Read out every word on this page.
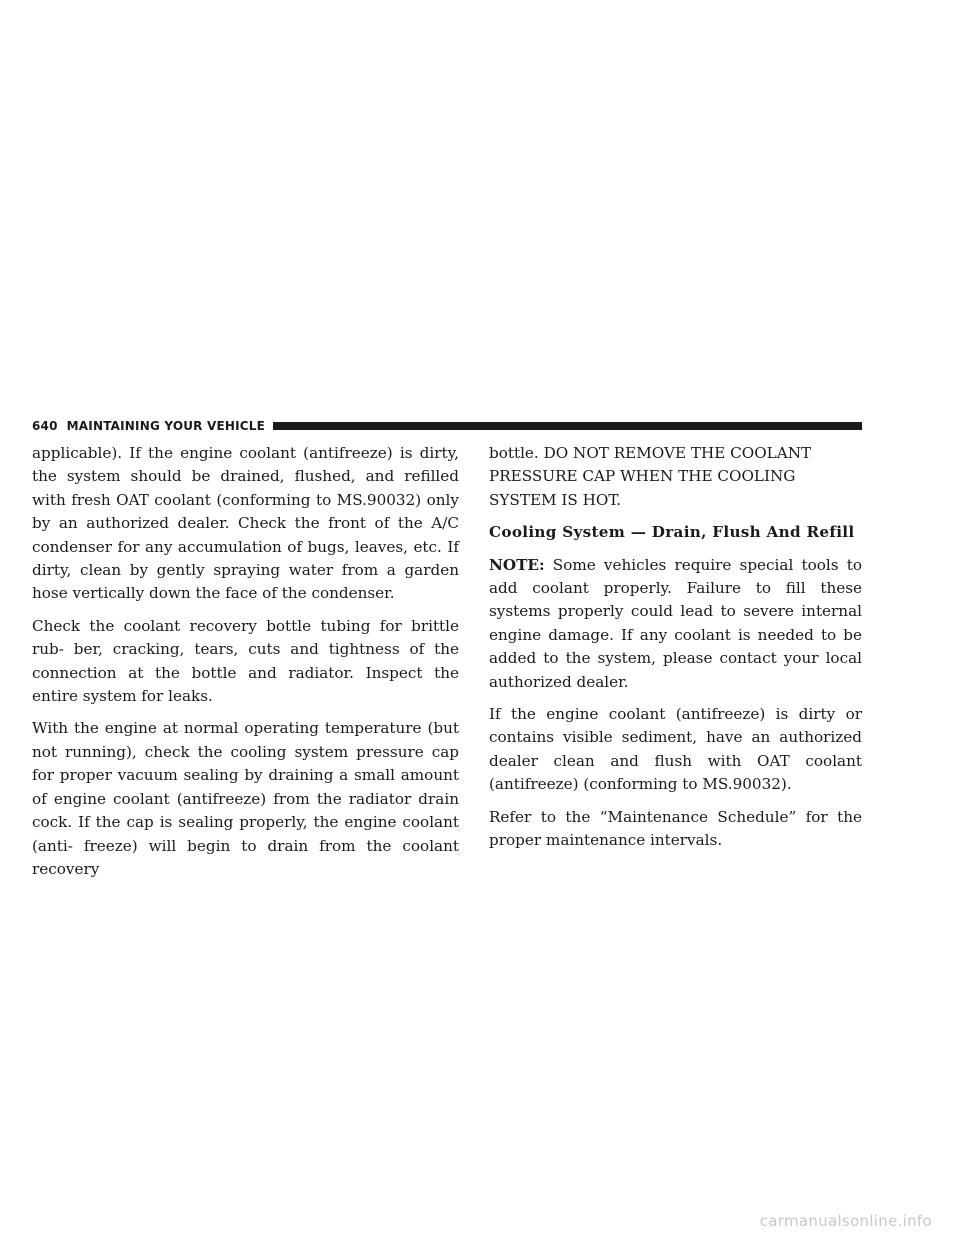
640 MAINTAINING YOUR VEHICLE

applicable). If the engine coolant (antifreeze) is dirty, the system should be drained, flushed, and refilled with fresh OAT coolant (conforming to MS.90032) only by an authorized dealer. Check the front of the A/C condenser for any accumulation of bugs, leaves, etc. If dirty, clean by gently spraying water from a garden hose vertically down the face of the condenser.

Check the coolant recovery bottle tubing for brittle rub- ber, cracking, tears, cuts and tightness of the connection at the bottle and radiator. Inspect the entire system for leaks.

With the engine at normal operating temperature (but not running), check the cooling system pressure cap for proper vacuum sealing by draining a small amount of engine coolant (antifreeze) from the radiator drain cock. If the cap is sealing properly, the engine coolant (anti- freeze) will begin to drain from the coolant recovery

bottle. DO NOT REMOVE THE COOLANT PRESSURE CAP WHEN THE COOLING SYSTEM IS HOT.

Cooling System — Drain, Flush And Refill

NOTE: Some vehicles require special tools to add coolant properly. Failure to fill these systems properly could lead to severe internal engine damage. If any coolant is needed to be added to the system, please contact your local authorized dealer.

If the engine coolant (antifreeze) is dirty or contains visible sediment, have an authorized dealer clean and flush with OAT coolant (antifreeze) (conforming to MS.90032).

Refer to the “Maintenance Schedule” for the proper maintenance intervals.

carmanualsonline.info
